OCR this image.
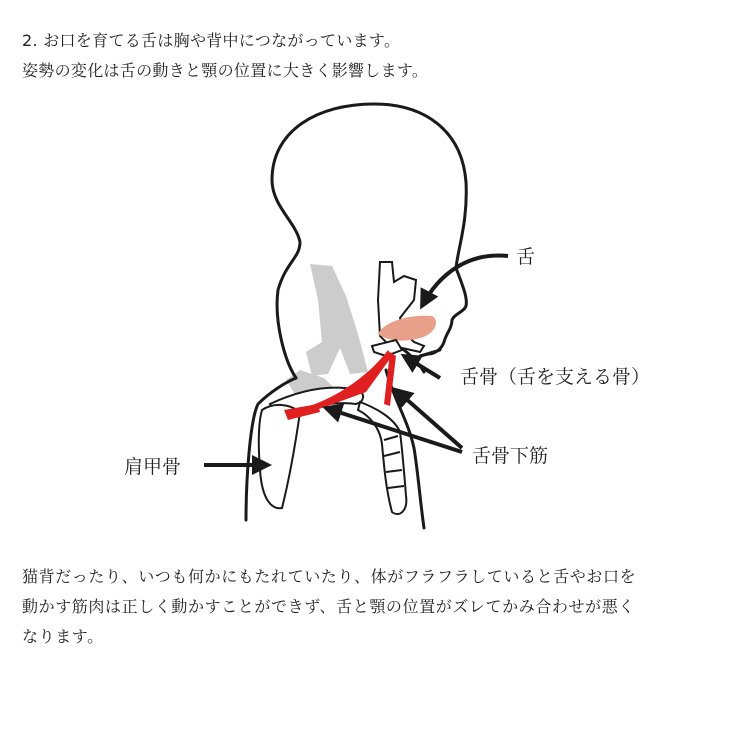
2. お口を育てる舌は胸や背中につながっています。

姿勢の変化は舌の動きと顎の位置に大きく影響します。

舌
舌骨（舌を支える骨）
舌骨下筋
肩甲骨

猫背だったり、いつも何かにもたれていたり、体がフラフラしていると舌やお口を

動かす筋肉は正しく動かすことができず、舌と顎の位置がズレてかみ合わせが悪く

なります。
